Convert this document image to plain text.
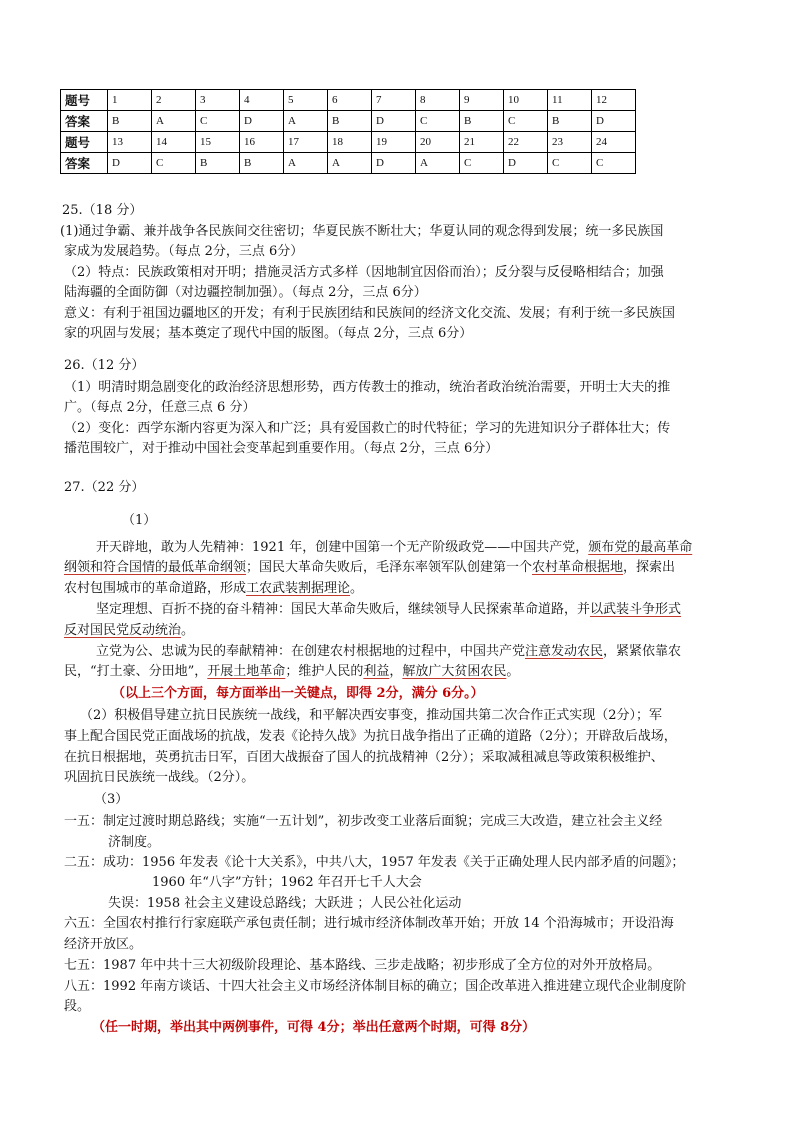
题号	1	2	3	4	5	6	7	8	9	10	11	12
答案	B	A	C	D	A	B	D	C	B	C	B	D
题号	13	14	15	16	17	18	19	20	21	22	23	24
答案	D	C	B	B	A	A	D	A	C	D	C	C
25.（18 分）
(1)通过争霸、兼并战争各民族间交往密切；华夏民族不断壮大；华夏认同的观念得到发展；统一多民族国
家成为发展趋势。（每点 2分，三点 6分）
（2）特点：民族政策相对开明；措施灵活方式多样（因地制宜因俗而治）；反分裂与反侵略相结合；加强
陆海疆的全面防御（对边疆控制加强）。（每点 2分，三点 6分）
意义：有利于祖国边疆地区的开发；有利于民族团结和民族间的经济文化交流、发展；有利于统一多民族国
家的巩固与发展；基本奠定了现代中国的版图。（每点 2分，三点 6分）
26.（12 分）
（1）明清时期急剧变化的政治经济思想形势，西方传教士的推动，统治者政治统治需要，开明士大夫的推
广。（每点 2分，任意三点 6 分）
（2）变化：西学东渐内容更为深入和广泛；具有爱国救亡的时代特征；学习的先进知识分子群体壮大；传
播范围较广，对于推动中国社会变革起到重要作用。（每点 2分，三点 6分）
27.（22 分）
（1）
开天辟地，敢为人先精神：1921 年，创建中国第一个无产阶级政党——中国共产党，颁布党的最高革命
纲领和符合国情的最低革命纲领；国民大革命失败后，毛泽东率领军队创建第一个农村革命根据地，探索出
农村包围城市的革命道路，形成工农武装割据理论。
坚定理想、百折不挠的奋斗精神：国民大革命失败后，继续领导人民探索革命道路，并以武装斗争形式
反对国民党反动统治。
立党为公、忠诚为民的奉献精神：在创建农村根据地的过程中，中国共产党注意发动农民，紧紧依靠农
民，“打土豪、分田地”，开展土地革命；维护人民的利益，解放广大贫困农民。
（以上三个方面，每方面举出一关键点，即得 2分，满分 6分。）
（2）积极倡导建立抗日民族统一战线，和平解决西安事变，推动国共第二次合作正式实现（2分）；军
事上配合国民党正面战场的抗战，发表《论持久战》为抗日战争指出了正确的道路（2分）；开辟敌后战场，
在抗日根据地，英勇抗击日军，百团大战振奋了国人的抗战精神（2分）；采取减租减息等政策积极维护、
巩固抗日民族统一战线。（2分）。
（3）
一五：制定过渡时期总路线；实施“一五计划”，初步改变工业落后面貌；完成三大改造，建立社会主义经
济制度。
二五：成功：1956 年发表《论十大关系》，中共八大，1957 年发表《关于正确处理人民内部矛盾的问题》；
1960 年“八字”方针；1962 年召开七千人大会
失误：1958 社会主义建设总路线；大跃进 ；人民公社化运动
六五：全国农村推行行家庭联产承包责任制；进行城市经济体制改革开始；开放 14 个沿海城市；开设沿海
经济开放区。
七五：1987 年中共十三大初级阶段理论、基本路线、三步走战略；初步形成了全方位的对外开放格局。
八五：1992 年南方谈话、十四大社会主义市场经济体制目标的确立；国企改革进入推进建立现代企业制度阶
段。
（任一时期，举出其中两例事件，可得 4分；举出任意两个时期，可得 8分）
